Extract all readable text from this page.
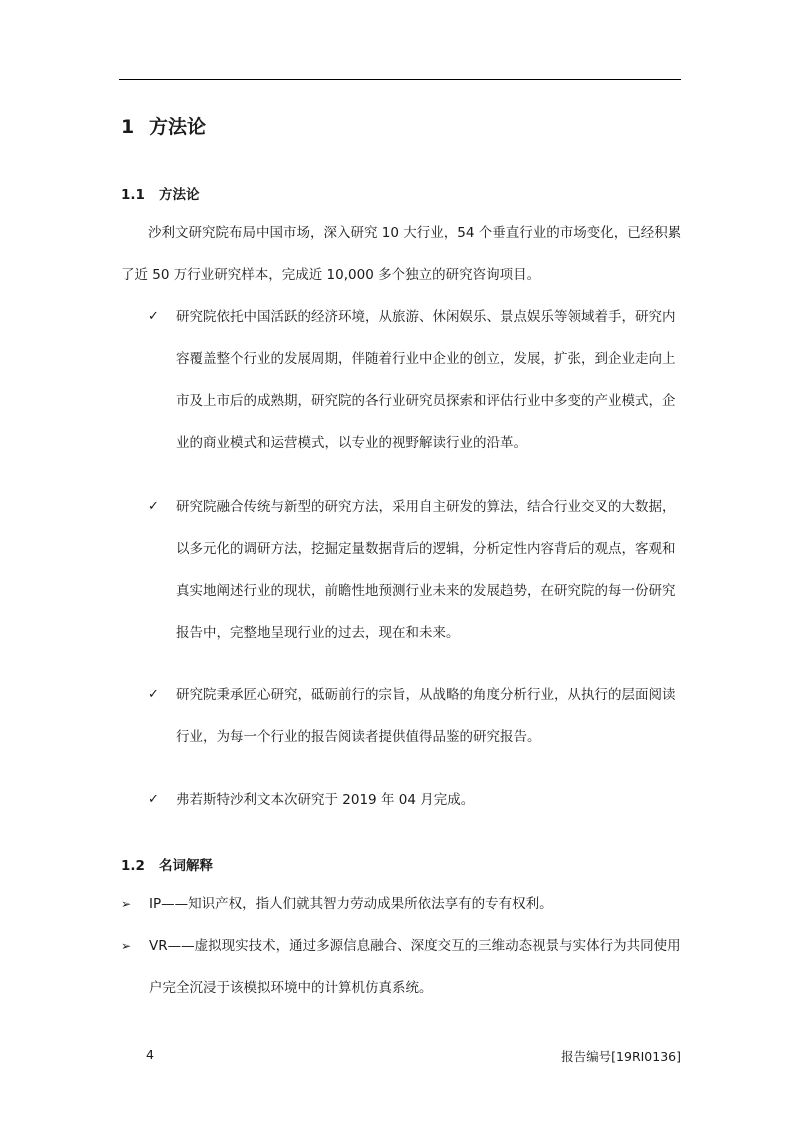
1 方法论
1.1 方法论
沙利文研究院布局中国市场，深入研究 10 大行业，54 个垂直行业的市场变化，已经积累了近 50 万行业研究样本，完成近 10,000 多个独立的研究咨询项目。
✓	研究院依托中国活跃的经济环境，从旅游、休闲娱乐、景点娱乐等领域着手，研究内容覆盖整个行业的发展周期，伴随着行业中企业的创立，发展，扩张，到企业走向上市及上市后的成熟期，研究院的各行业研究员探索和评估行业中多变的产业模式，企业的商业模式和运营模式，以专业的视野解读行业的沿革。
✓	研究院融合传统与新型的研究方法，采用自主研发的算法，结合行业交叉的大数据，以多元化的调研方法，挖掘定量数据背后的逻辑，分析定性内容背后的观点，客观和真实地阐述行业的现状，前瞻性地预测行业未来的发展趋势，在研究院的每一份研究报告中，完整地呈现行业的过去，现在和未来。
✓	研究院秉承匠心研究，砥砺前行的宗旨，从战略的角度分析行业，从执行的层面阅读行业，为每一个行业的报告阅读者提供值得品鉴的研究报告。
✓	弗若斯特沙利文本次研究于 2019 年 04 月完成。
1.2 名词解释
➢	IP——知识产权，指人们就其智力劳动成果所依法享有的专有权利。
➢	VR——虚拟现实技术，通过多源信息融合、深度交互的三维动态视景与实体行为共同使用户完全沉浸于该模拟环境中的计算机仿真系统。
4	报告编号[19RI0136]
